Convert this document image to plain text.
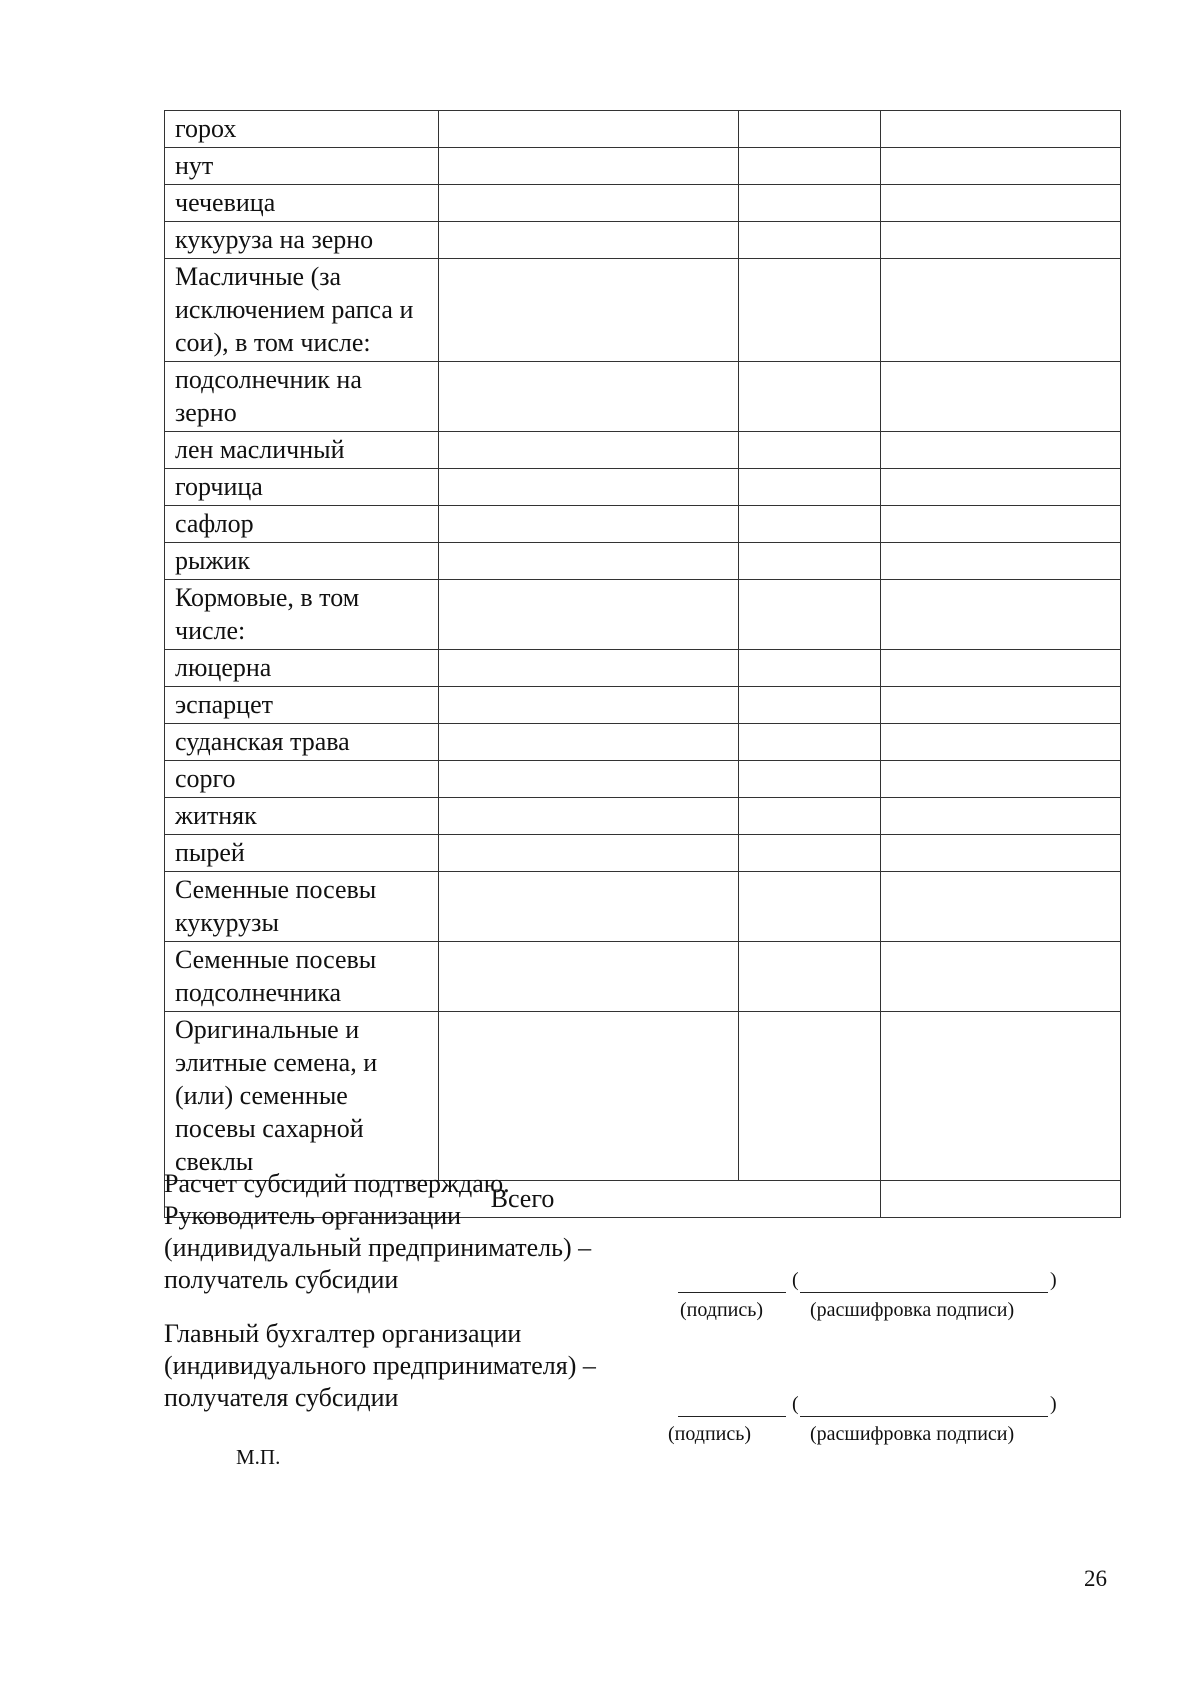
горох			
нут			
чечевица			
кукуруза на зерно			
Масличные (за исключением рапса и сои), в том числе:			
подсолнечник на зерно			
лен масличный			
горчица			
сафлор			
рыжик			
Кормовые, в том числе:			
люцерна			
эспарцет			
суданская трава			
сорго			
житняк			
пырей			
Семенные посевы кукурузы			
Семенные посевы подсолнечника			
Оригинальные и элитные семена, и (или) семенные посевы сахарной свеклы			
Всего			
Расчет субсидий подтверждаю.
Руководитель организации
(индивидуальный предприниматель) –
получатель субсидии
Главный бухгалтер организации
(индивидуального предпринимателя) –
получателя субсидии
(	)
(подпись) (расшифровка подписи)
(	)
(подпись)	(расшифровка подписи)
М.П.
26
